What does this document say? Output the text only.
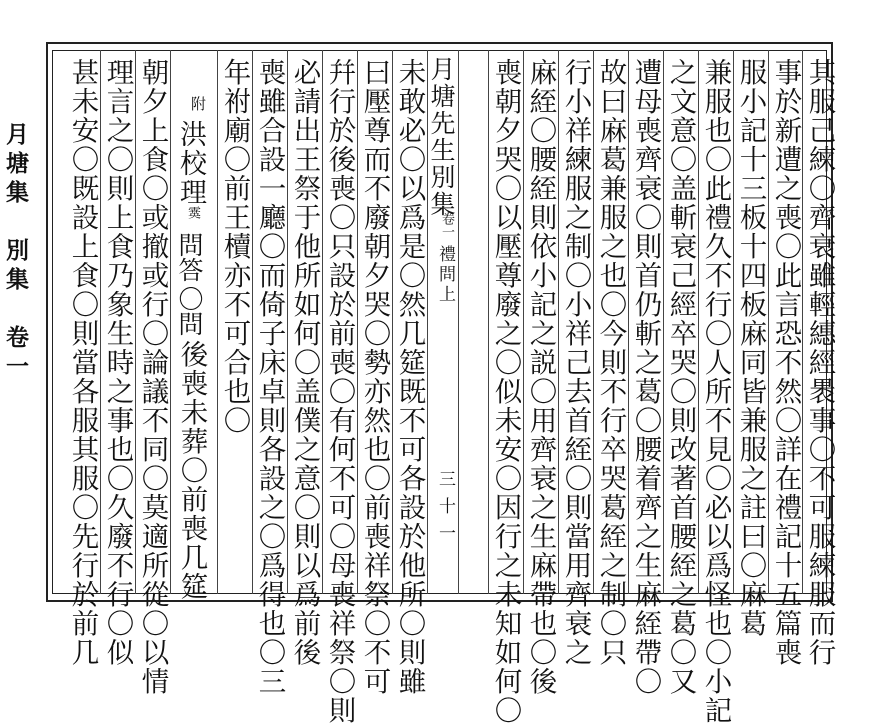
月塘集　別集　卷一	其服己練〇齊衰雖輕繐經褁事〇不可服練服而行
事於新遭之喪〇此言恐不然〇詳在禮記十五篇喪
服小記十三板十四板麻同皆兼服之註曰〇麻葛
兼服也〇此禮久不行〇人所不見〇必以爲怪也〇小記
之文意〇盖斬衰己經卒哭〇則改著首腰絰之葛〇又
遭母喪齊衰〇則首仍斬之葛〇腰着齊之生麻絰帶〇
故曰麻葛兼服之也〇今則不行卒哭葛絰之制〇只
行小祥練服之制〇小祥己去首絰〇則當用齊衰之
麻絰〇腰絰則依小記之説〇用齊衰之生麻帶也〇後
喪朝夕哭〇以壓尊廢之〇似未安〇因行之未知如何〇
月塘先生別集
卷一
禮問上
三十一
未敢必〇以爲是〇然几筵既不可各設於他所〇則雖
曰壓尊而不廢朝夕哭〇勢亦然也〇前喪祥祭〇不可
幷行於後喪〇只設於前喪〇有何不可〇母喪祥祭〇則
必請出王祭于他所如何〇盖僕之意〇則以爲前後
喪雖合設一廳〇而倚子床卓則各設之〇爲得也〇三
年祔廟〇前王櫝亦不可合也〇
附
洪校理
霙
問答
〇問
後喪未葬〇前喪几筵
朝夕上食〇或撤或行〇論議不同〇莫適所從〇以情
理言之〇則上食乃象生時之事也〇久廢不行〇似
甚未安〇既設上食〇則當各服其服〇先行於前几
